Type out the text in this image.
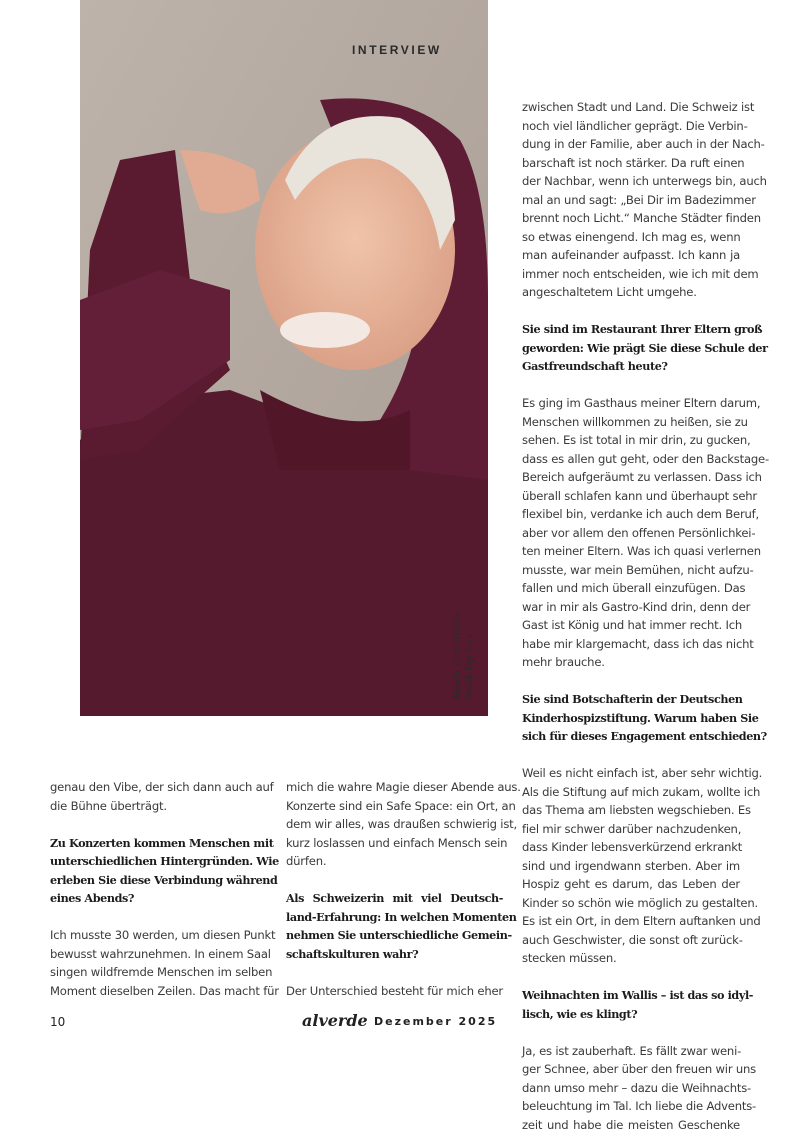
INTERVIEW
Hoodie Acne Studios
Strick Top Zara
genau den Vibe, der sich dann auch auf
die Bühne überträgt.
Zu Konzerten kommen Menschen mit
unterschiedlichen Hintergründen. Wie
erleben Sie diese Verbindung während
eines Abends?
Ich musste 30 werden, um diesen Punkt
bewusst wahrzunehmen. In einem Saal
singen wildfremde Menschen im selben
Moment dieselben Zeilen. Das macht für
mich die wahre Magie dieser Abende aus.
Konzerte sind ein Safe Space: ein Ort, an
dem wir alles, was draußen schwierig ist,
kurz loslassen und einfach Mensch sein
dürfen.
Als Schweizerin mit viel Deutsch-
land-Erfahrung: In welchen Momenten
nehmen Sie unterschiedliche Gemein-
schaftskulturen wahr?
Der Unterschied besteht für mich eher
zwischen Stadt und Land. Die Schweiz ist
noch viel ländlicher geprägt. Die Verbin-
dung in der Familie, aber auch in der Nach-
barschaft ist noch stärker. Da ruft einen
der Nachbar, wenn ich unterwegs bin, auch
mal an und sagt: „Bei Dir im Badezimmer
brennt noch Licht.“ Manche Städter finden
so etwas einengend. Ich mag es, wenn
man aufeinander aufpasst. Ich kann ja
immer noch entscheiden, wie ich mit dem
angeschaltetem Licht umgehe.
Sie sind im Restaurant Ihrer Eltern groß
geworden: Wie prägt Sie diese Schule der
Gastfreundschaft heute?
Es ging im Gasthaus meiner Eltern darum,
Menschen willkommen zu heißen, sie zu
sehen. Es ist total in mir drin, zu gucken,
dass es allen gut geht, oder den Backstage-
Bereich aufgeräumt zu verlassen. Dass ich
überall schlafen kann und überhaupt sehr
flexibel bin, verdanke ich auch dem Beruf,
aber vor allem den offenen Persönlichkei-
ten meiner Eltern. Was ich quasi verlernen
musste, war mein Bemühen, nicht aufzu-
fallen und mich überall einzufügen. Das
war in mir als Gastro-Kind drin, denn der
Gast ist König und hat immer recht. Ich
habe mir klargemacht, dass ich das nicht
mehr brauche.
Sie sind Botschafterin der Deutschen
Kinderhospizstiftung. Warum haben Sie
sich für dieses Engagement entschieden?
Weil es nicht einfach ist, aber sehr wichtig.
Als die Stiftung auf mich zukam, wollte ich
das Thema am liebsten wegschieben. Es
fiel mir schwer darüber nachzudenken,
dass Kinder lebensverkürzend erkrankt
sind und irgendwann sterben. Aber im
Hospiz geht es darum, das Leben der
Kinder so schön wie möglich zu gestalten.
Es ist ein Ort, in dem Eltern auftanken und
auch Geschwister, die sonst oft zurück-
stecken müssen.
Weihnachten im Wallis – ist das so idyl-
lisch, wie es klingt?
Ja, es ist zauberhaft. Es fällt zwar weni-
ger Schnee, aber über den freuen wir uns
dann umso mehr – dazu die Weihnachts-
beleuchtung im Tal. Ich liebe die Advents-
zeit und habe die meisten Geschenke
10	alverde Dezember 2025
